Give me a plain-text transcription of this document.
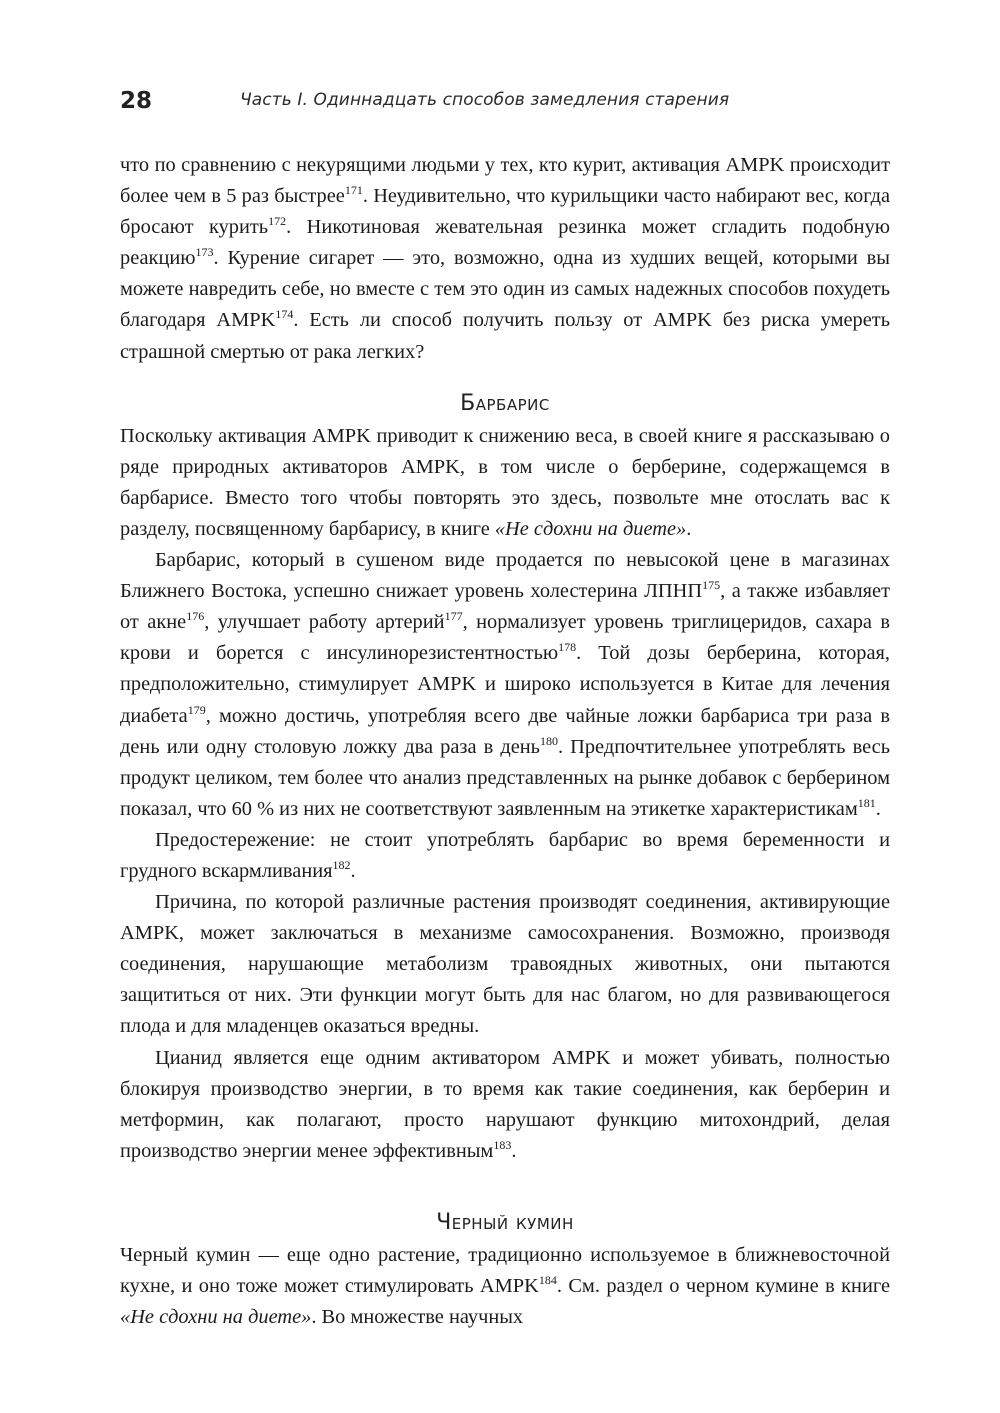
28	Часть I. Одиннадцать способов замедления старения

что по сравнению с некурящими людьми у тех, кто курит, активация AMPK происходит более чем в 5 раз быстрее$^{171}$. Неудивительно, что курильщики часто набирают вес, когда бросают курить$^{172}$. Никотиновая жевательная резинка может сгладить подобную реакцию$^{173}$. Курение сигарет — это, возможно, одна из худших вещей, которыми вы можете навредить себе, но вместе с тем это один из самых надежных способов похудеть благодаря AMPK$^{174}$. Есть ли способ получить пользу от AMPK без риска умереть страшной смертью от рака легких?

Барбарис

Поскольку активация AMPK приводит к снижению веса, в своей книге я рассказываю о ряде природных активаторов AMPK, в том числе о берберине, содержащемся в барбарисе. Вместо того чтобы повторять это здесь, позвольте мне отослать вас к разделу, посвященному барбарису, в книге «Не сдохни на диете».

Барбарис, который в сушеном виде продается по невысокой цене в магазинах Ближнего Востока, успешно снижает уровень холестерина ЛПНП$^{175}$, а также избавляет от акне$^{176}$, улучшает работу артерий$^{177}$, нормализует уровень триглицеридов, сахара в крови и борется с инсулинорезистентностью$^{178}$. Той дозы берберина, которая, предположительно, стимулирует AMPK и широко используется в Китае для лечения диабета$^{179}$, можно достичь, употребляя всего две чайные ложки барбариса три раза в день или одну столовую ложку два раза в день$^{180}$. Предпочтительнее употреблять весь продукт целиком, тем более что анализ представленных на рынке добавок с берберином показал, что 60 % из них не соответствуют заявленным на этикетке характеристикам$^{181}$.

Предостережение: не стоит употреблять барбарис во время беременности и грудного вскармливания$^{182}$.

Причина, по которой различные растения производят соединения, активирующие AMPK, может заключаться в механизме самосохранения. Возможно, производя соединения, нарушающие метаболизм травоядных животных, они пытаются защититься от них. Эти функции могут быть для нас благом, но для развивающегося плода и для младенцев оказаться вредны.

Цианид является еще одним активатором AMPK и может убивать, полностью блокируя производство энергии, в то время как такие соединения, как берберин и метформин, как полагают, просто нарушают функцию митохондрий, делая производство энергии менее эффективным$^{183}$.

Черный кумин

Черный кумин — еще одно растение, традиционно используемое в ближневосточной кухне, и оно тоже может стимулировать AMPK$^{184}$. См. раздел о черном кумине в книге «Не сдохни на диете». Во множестве научных
